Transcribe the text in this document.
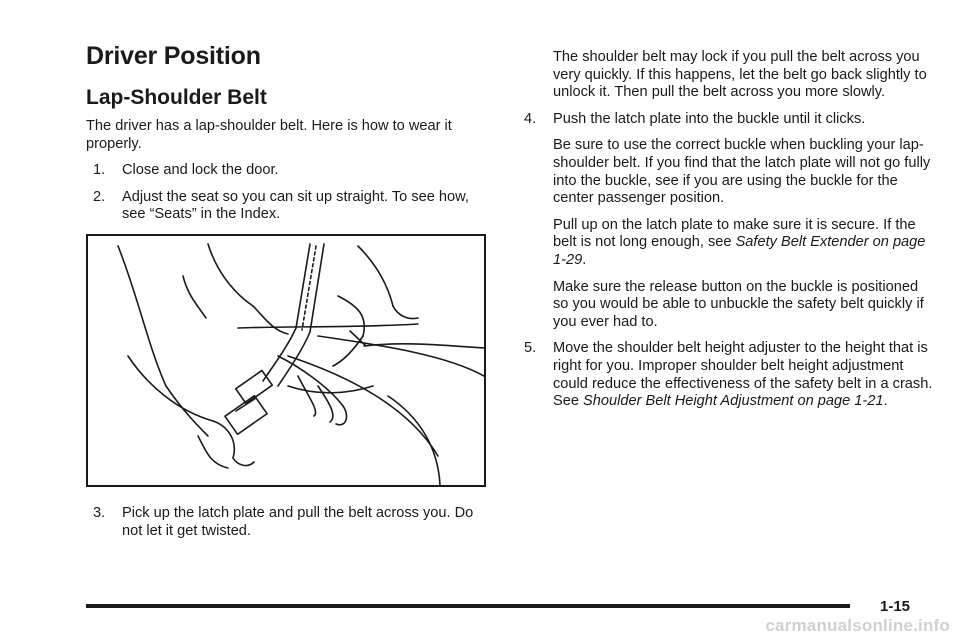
Driver Position
Lap-Shoulder Belt

The driver has a lap-shoulder belt. Here is how to wear it properly.

1. Close and lock the door.
2. Adjust the seat so you can sit up straight. To see how, see “Seats” in the Index.
3. Pick up the latch plate and pull the belt across you. Do not let it get twisted.

The shoulder belt may lock if you pull the belt across you very quickly. If this happens, let the belt go back slightly to unlock it. Then pull the belt across you more slowly.

4. Push the latch plate into the buckle until it clicks.

Be sure to use the correct buckle when buckling your lap-shoulder belt. If you find that the latch plate will not go fully into the buckle, see if you are using the buckle for the center passenger position.

Pull up on the latch plate to make sure it is secure. If the belt is not long enough, see Safety Belt Extender on page 1-29.

Make sure the release button on the buckle is positioned so you would be able to unbuckle the safety belt quickly if you ever had to.

5. Move the shoulder belt height adjuster to the height that is right for you. Improper shoulder belt height adjustment could reduce the effectiveness of the safety belt in a crash. See Shoulder Belt Height Adjustment on page 1-21.
1-15
carmanualsonline.info
